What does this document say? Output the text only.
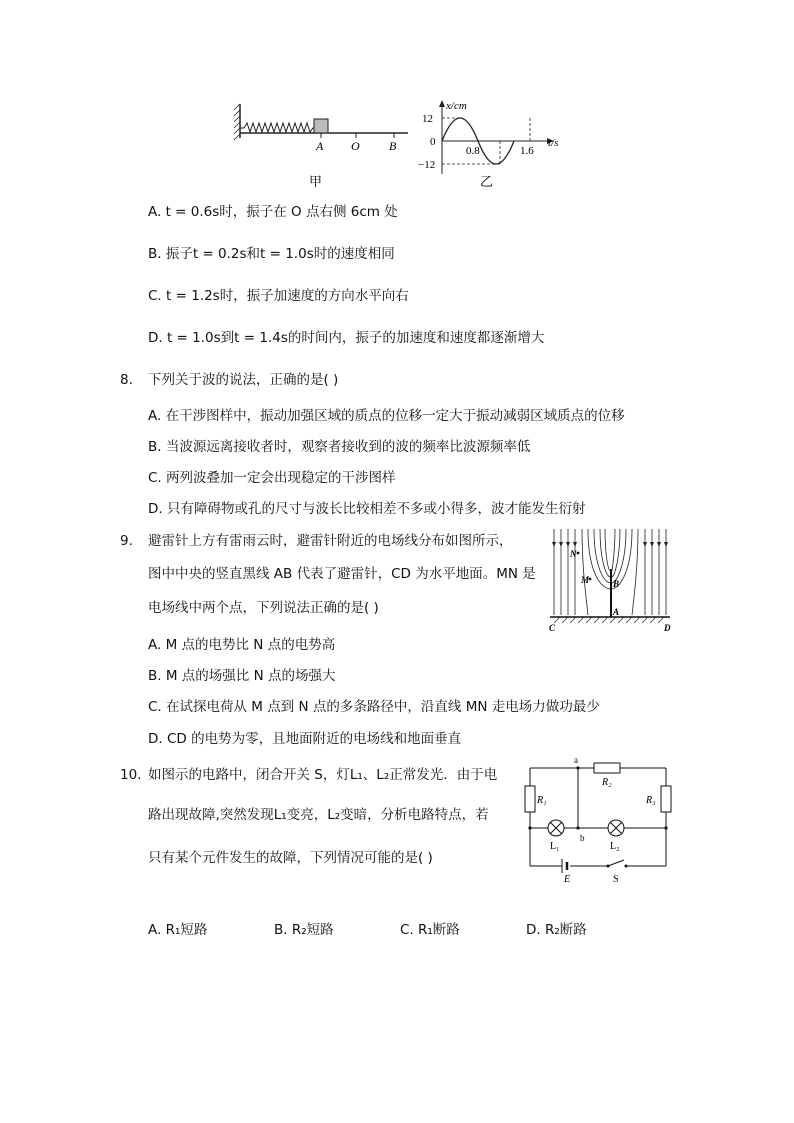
A O B
甲
x/cm
t/s
12
0
−12
0.8	1.6
乙
A. t = 0.6s时，振子在 O 点右侧 6cm 处
B. 振子t = 0.2s和t = 1.0s时的速度相同
C. t = 1.2s时，振子加速度的方向水平向右
D. t = 1.0s到t = 1.4s的时间内，振子的加速度和速度都逐渐增大
8. 下列关于波的说法，正确的是( )
A. 在干涉图样中，振动加强区域的质点的位移一定大于振动减弱区域质点的位移
B. 当波源远离接收者时，观察者接收到的波的频率比波源频率低
C. 两列波叠加一定会出现稳定的干涉图样
D. 只有障碍物或孔的尺寸与波长比较相差不多或小得多，波才能发生衍射
9. 避雷针上方有雷雨云时，避雷针附近的电场线分布如图所示，
图中中央的竖直黑线 AB 代表了避雷针，CD 为水平地面。MN 是
电场线中两个点，下列说法正确的是( )
N
M	B
A
C	D
A. M 点的电势比 N 点的电势高
B. M 点的场强比 N 点的场强大
C. 在试探电荷从 M 点到 N 点的多条路径中，沿直线 MN 走电场力做功最少
D. CD 的电势为零，且地面附近的电场线和地面垂直
10. 如图示的电路中，闭合开关 S，灯L₁、L₂正常发光．由于电
路出现故障,突然发现L₁变亮，L₂变暗，分析电路特点，若
只有某个元件发生的故障，下列情况可能的是( )
a
b
R₁
R₂
R₃
L₁	L₂
E	S
A. R₁短路	B. R₂短路	C. R₁断路	D. R₂断路
